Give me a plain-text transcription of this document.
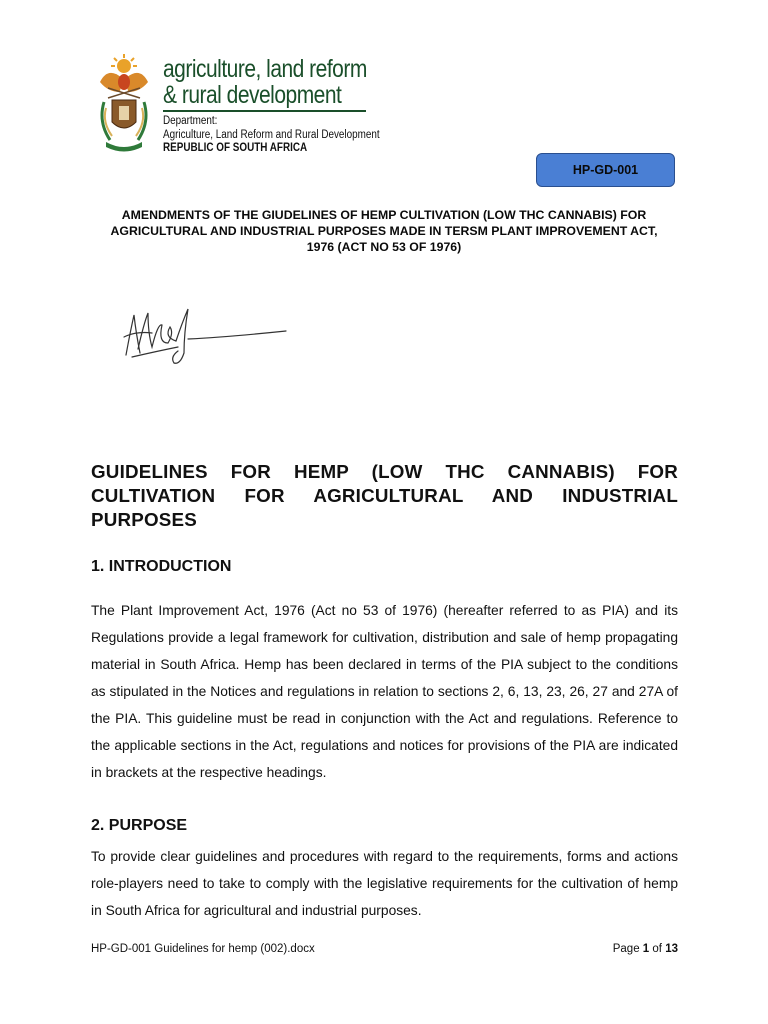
agriculture, land reform
& rural development
Department:
Agriculture, Land Reform and Rural Development
REPUBLIC OF SOUTH AFRICA
HP-GD-001
AMENDMENTS OF THE GIUDELINES OF HEMP CULTIVATION (LOW THC CANNABIS) FOR AGRICULTURAL AND INDUSTRIAL PURPOSES MADE IN TERSM PLANT IMPROVEMENT ACT, 1976 (ACT NO 53 OF 1976)
GUIDELINES FOR HEMP (LOW THC CANNABIS) FOR CULTIVATION FOR AGRICULTURAL AND INDUSTRIAL PURPOSES
1. INTRODUCTION
The Plant Improvement Act, 1976 (Act no 53 of 1976) (hereafter referred to as PIA) and its Regulations provide a legal framework for cultivation, distribution and sale of hemp propagating material in South Africa. Hemp has been declared in terms of the PIA subject to the conditions as stipulated in the Notices and regulations in relation to sections 2, 6, 13, 23, 26, 27 and 27A of the PIA. This guideline must be read in conjunction with the Act and regulations. Reference to the applicable sections in the Act, regulations and notices for provisions of the PIA are indicated in brackets at the respective headings.
2. PURPOSE
To provide clear guidelines and procedures with regard to the requirements, forms and actions role-players need to take to comply with the legislative requirements for the cultivation of hemp in South Africa for agricultural and industrial purposes.
HP-GD-001 Guidelines for hemp (002).docx	Page 1 of 13
